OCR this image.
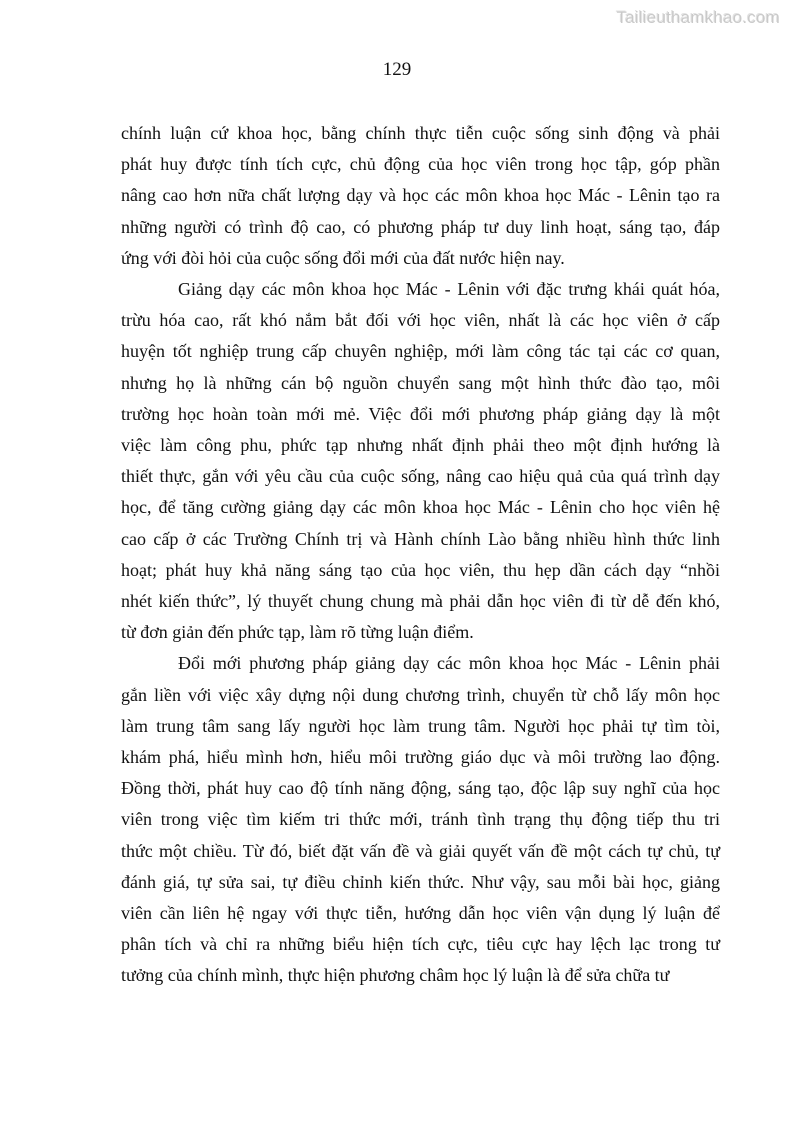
Tailieuthamkhao.com
129
chính luận cứ khoa học, bằng chính thực tiễn cuộc sống sinh động và phải
phát huy được tính tích cực, chủ động của học viên trong học tập, góp phần
nâng cao hơn nữa chất lượng dạy và học các môn khoa học Mác - Lênin tạo ra
những người có trình độ cao, có phương pháp tư duy linh hoạt, sáng tạo, đáp
ứng với đòi hỏi của cuộc sống đổi mới của đất nước hiện nay.
Giảng dạy các môn khoa học Mác - Lênin với đặc trưng khái quát hóa,
trừu hóa cao, rất khó nắm bắt đối với học viên, nhất là các học viên ở cấp
huyện tốt nghiệp trung cấp chuyên nghiệp, mới làm công tác tại các cơ quan,
nhưng họ là những cán bộ nguồn chuyển sang một hình thức đào tạo, môi
trường học hoàn toàn mới mẻ. Việc đổi mới phương pháp giảng dạy là một
việc làm công phu, phức tạp nhưng nhất định phải theo một định hướng là
thiết thực, gắn với yêu cầu của cuộc sống, nâng cao hiệu quả của quá trình dạy
học, để tăng cường giảng dạy các môn khoa học Mác - Lênin cho học viên hệ
cao cấp ở các Trường Chính trị và Hành chính Lào bằng nhiều hình thức linh
hoạt; phát huy khả năng sáng tạo của học viên, thu hẹp dần cách dạy “nhồi
nhét kiến thức”, lý thuyết chung chung mà phải dẫn học viên đi từ dễ đến khó,
từ đơn giản đến phức tạp, làm rõ từng luận điểm.
Đổi mới phương pháp giảng dạy các môn khoa học Mác - Lênin phải
gắn liền với việc xây dựng nội dung chương trình, chuyển từ chỗ lấy môn học
làm trung tâm sang lấy người học làm trung tâm. Người học phải tự tìm tòi,
khám phá, hiểu mình hơn, hiểu môi trường giáo dục và môi trường lao động.
Đồng thời, phát huy cao độ tính năng động, sáng tạo, độc lập suy nghĩ của học
viên trong việc tìm kiếm tri thức mới, tránh tình trạng thụ động tiếp thu tri
thức một chiều. Từ đó, biết đặt vấn đề và giải quyết vấn đề một cách tự chủ, tự
đánh giá, tự sửa sai, tự điều chỉnh kiến thức. Như vậy, sau mỗi bài học, giảng
viên cần liên hệ ngay với thực tiễn, hướng dẫn học viên vận dụng lý luận để
phân tích và chỉ ra những biểu hiện tích cực, tiêu cực hay lệch lạc trong tư
tưởng của chính mình, thực hiện phương châm học lý luận là để sửa chữa tư
